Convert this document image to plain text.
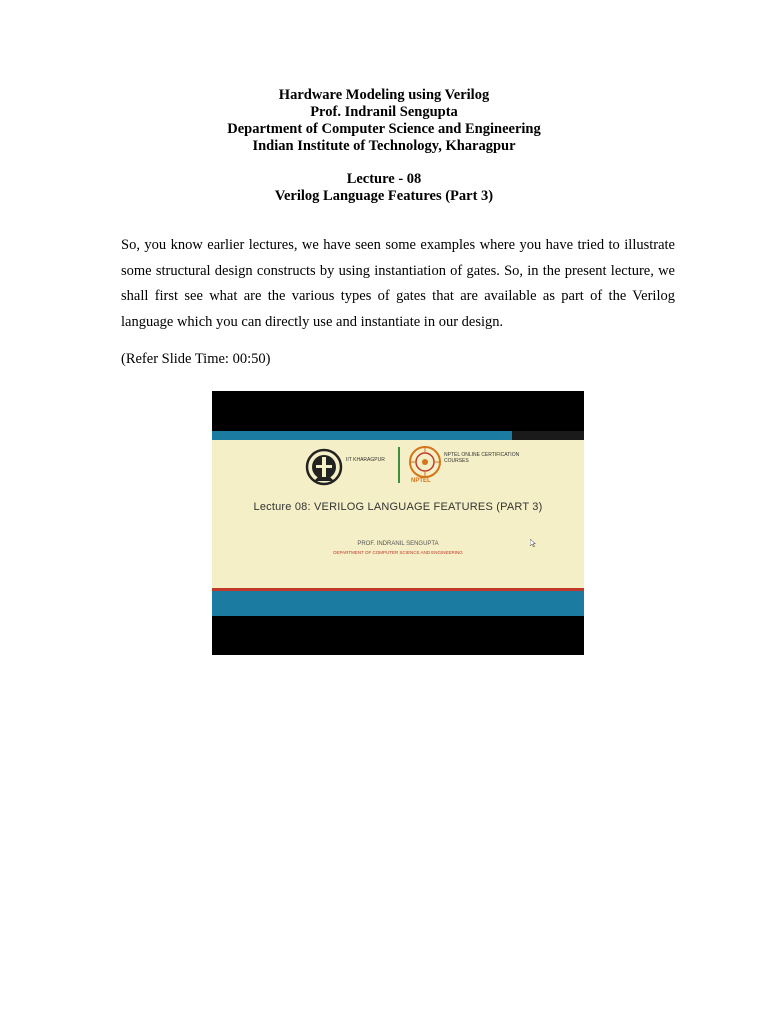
Hardware Modeling using Verilog
Prof. Indranil Sengupta
Department of Computer Science and Engineering
Indian Institute of Technology, Kharagpur
Lecture - 08
Verilog Language Features (Part 3)

So, you know earlier lectures, we have seen some examples where you have tried to illustrate some structural design constructs by using instantiation of gates. So, in the present lecture, we shall first see what are the various types of gates that are available as part of the Verilog language which you can directly use and instantiate in our design.

(Refer Slide Time: 00:50)
IIT KHARAGPUR
NPTEL ONLINE CERTIFICATION COURSES
NPTEL
Lecture 08: VERILOG LANGUAGE FEATURES (PART 3)
PROF. INDRANIL SENGUPTA
DEPARTMENT OF COMPUTER SCIENCE AND ENGINEERING
